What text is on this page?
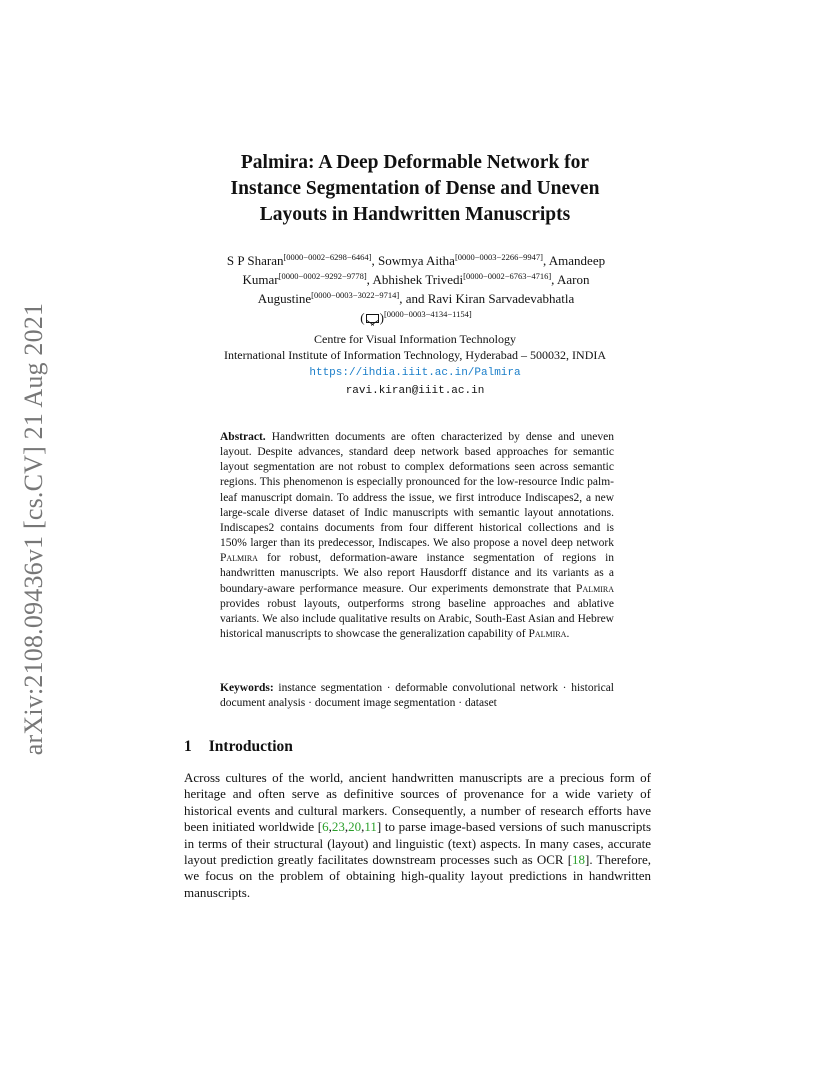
arXiv:2108.09436v1 [cs.CV] 21 Aug 2021
Palmira: A Deep Deformable Network for
Instance Segmentation of Dense and Uneven
Layouts in Handwritten Manuscripts
S P Sharan[0000−0002−6298−6464], Sowmya Aitha[0000−0003−2266−9947], Amandeep Kumar[0000−0002−9292−9778], Abhishek Trivedi[0000−0002−6763−4716], Aaron Augustine[0000−0003−3022−9714], and Ravi Kiran Sarvadevabhatla
( )[0000−0003−4134−1154]
Centre for Visual Information Technology
International Institute of Information Technology, Hyderabad – 500032, INDIA
https://ihdia.iiit.ac.in/Palmira
ravi.kiran@iiit.ac.in
Abstract. Handwritten documents are often characterized by dense and uneven layout. Despite advances, standard deep network based approaches for semantic layout segmentation are not robust to complex deformations seen across semantic regions. This phenomenon is especially pronounced for the low-resource Indic palm-leaf manuscript domain. To address the issue, we first introduce Indiscapes2, a new large-scale diverse dataset of Indic manuscripts with semantic layout annotations. Indiscapes2 contains documents from four different historical collections and is 150% larger than its predecessor, Indiscapes. We also propose a novel deep network Palmira for robust, deformation-aware instance segmentation of regions in handwritten manuscripts. We also report Hausdorff distance and its variants as a boundary-aware performance measure. Our experiments demonstrate that Palmira provides robust layouts, outperforms strong baseline approaches and ablative variants. We also include qualitative results on Arabic, South-East Asian and Hebrew historical manuscripts to showcase the generalization capability of Palmira.
Keywords: instance segmentation · deformable convolutional network · historical document analysis · document image segmentation · dataset
1 Introduction
Across cultures of the world, ancient handwritten manuscripts are a precious form of heritage and often serve as definitive sources of provenance for a wide variety of historical events and cultural markers. Consequently, a number of research efforts have been initiated worldwide [6,23,20,11] to parse image-based versions of such manuscripts in terms of their structural (layout) and linguistic (text) aspects. In many cases, accurate layout prediction greatly facilitates downstream processes such as OCR [18]. Therefore, we focus on the problem of obtaining high-quality layout predictions in handwritten manuscripts.
